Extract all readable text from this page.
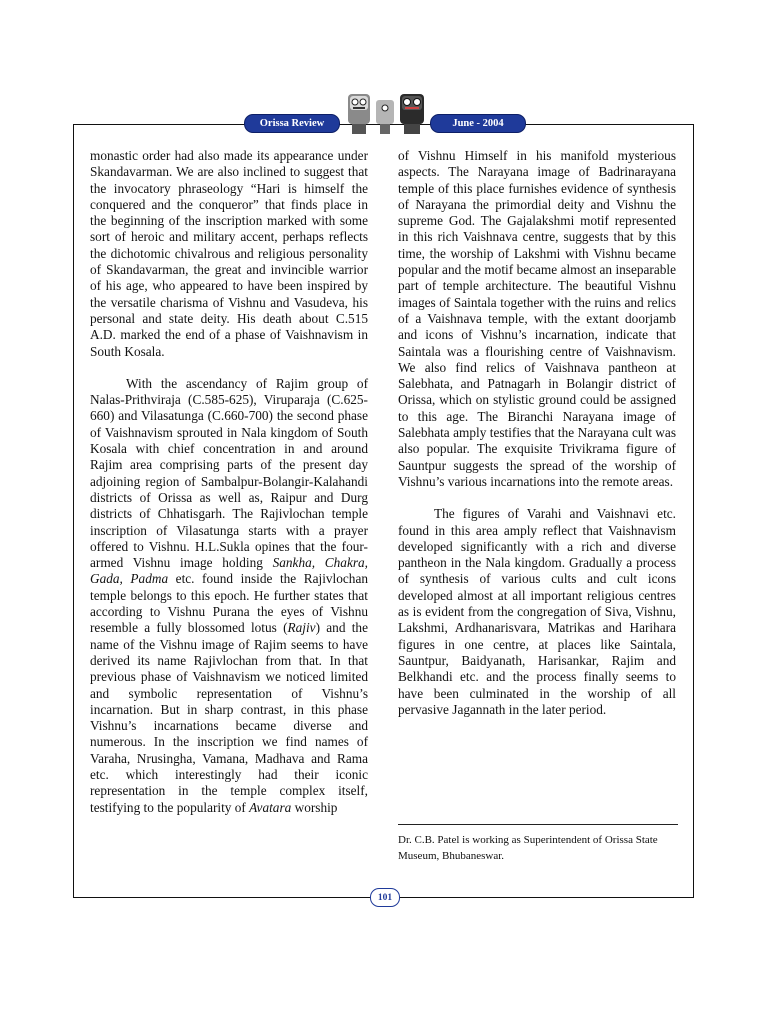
Orissa Review	June - 2004

monastic order had also made its appearance under Skandavarman. We are also inclined to suggest that the invocatory phraseology “Hari is himself the conquered and the conqueror” that finds place in the beginning of the inscription marked with some sort of heroic and military accent, perhaps reflects the dichotomic chivalrous and religious personality of Skandavarman, the great and invincible warrior of his age, who appeared to have been inspired by the versatile charisma of Vishnu and Vasudeva, his personal and state deity. His death about C.515 A.D. marked the end of a phase of Vaishnavism in South Kosala.

With the ascendancy of Rajim group of Nalas-Prithviraja (C.585-625), Viruparaja (C.625-660) and Vilasatunga (C.660-700) the second phase of Vaishnavism sprouted in Nala kingdom of South Kosala with chief concentration in and around Rajim area comprising parts of the present day adjoining region of Sambalpur-Bolangir-Kalahandi districts of Orissa as well as, Raipur and Durg districts of Chhatisgarh. The Rajivlochan temple inscription of Vilasatunga starts with a prayer offered to Vishnu. H.L.Sukla opines that the four-armed Vishnu image holding Sankha, Chakra, Gada, Padma etc. found inside the Rajivlochan temple belongs to this epoch. He further states that according to Vishnu Purana the eyes of Vishnu resemble a fully blossomed lotus (Rajiv) and the name of the Vishnu image of Rajim seems to have derived its name Rajivlochan from that. In that previous phase of Vaishnavism we noticed limited and symbolic representation of Vishnu’s incarnation. But in sharp contrast, in this phase Vishnu’s incarnations became diverse and numerous. In the inscription we find names of Varaha, Nrusingha, Vamana, Madhava and Rama etc. which interestingly had their iconic representation in the temple complex itself, testifying to the popularity of Avatara worship

of Vishnu Himself in his manifold mysterious aspects. The Narayana image of Badrinarayana temple of this place furnishes evidence of synthesis of Narayana the primordial deity and Vishnu the supreme God. The Gajalakshmi motif represented in this rich Vaishnava centre, suggests that by this time, the worship of Lakshmi with Vishnu became popular and the motif became almost an inseparable part of temple architecture. The beautiful Vishnu images of Saintala together with the ruins and relics of a Vaishnava temple, with the extant doorjamb and icons of Vishnu’s incarnation, indicate that Saintala was a flourishing centre of Vaishnavism. We also find relics of Vaishnava pantheon at Salebhata, and Patnagarh in Bolangir district of Orissa, which on stylistic ground could be assigned to this age. The Biranchi Narayana image of Salebhata amply testifies that the Narayana cult was also popular. The exquisite Trivikrama figure of Sauntpur suggests the spread of the worship of Vishnu’s various incarnations into the remote areas.

The figures of Varahi and Vaishnavi etc. found in this area amply reflect that Vaishnavism developed significantly with a rich and diverse pantheon in the Nala kingdom. Gradually a process of synthesis of various cults and cult icons developed almost at all important religious centres as is evident from the congregation of Siva, Vishnu, Lakshmi, Ardhanarisvara, Matrikas and Harihara figures in one centre, at places like Saintala, Sauntpur, Baidyanath, Harisankar, Rajim and Belkhandi etc. and the process finally seems to have been culminated in the worship of all pervasive Jagannath in the later period.

Dr. C.B. Patel is working as Superintendent of Orissa State Museum, Bhubaneswar.
101
